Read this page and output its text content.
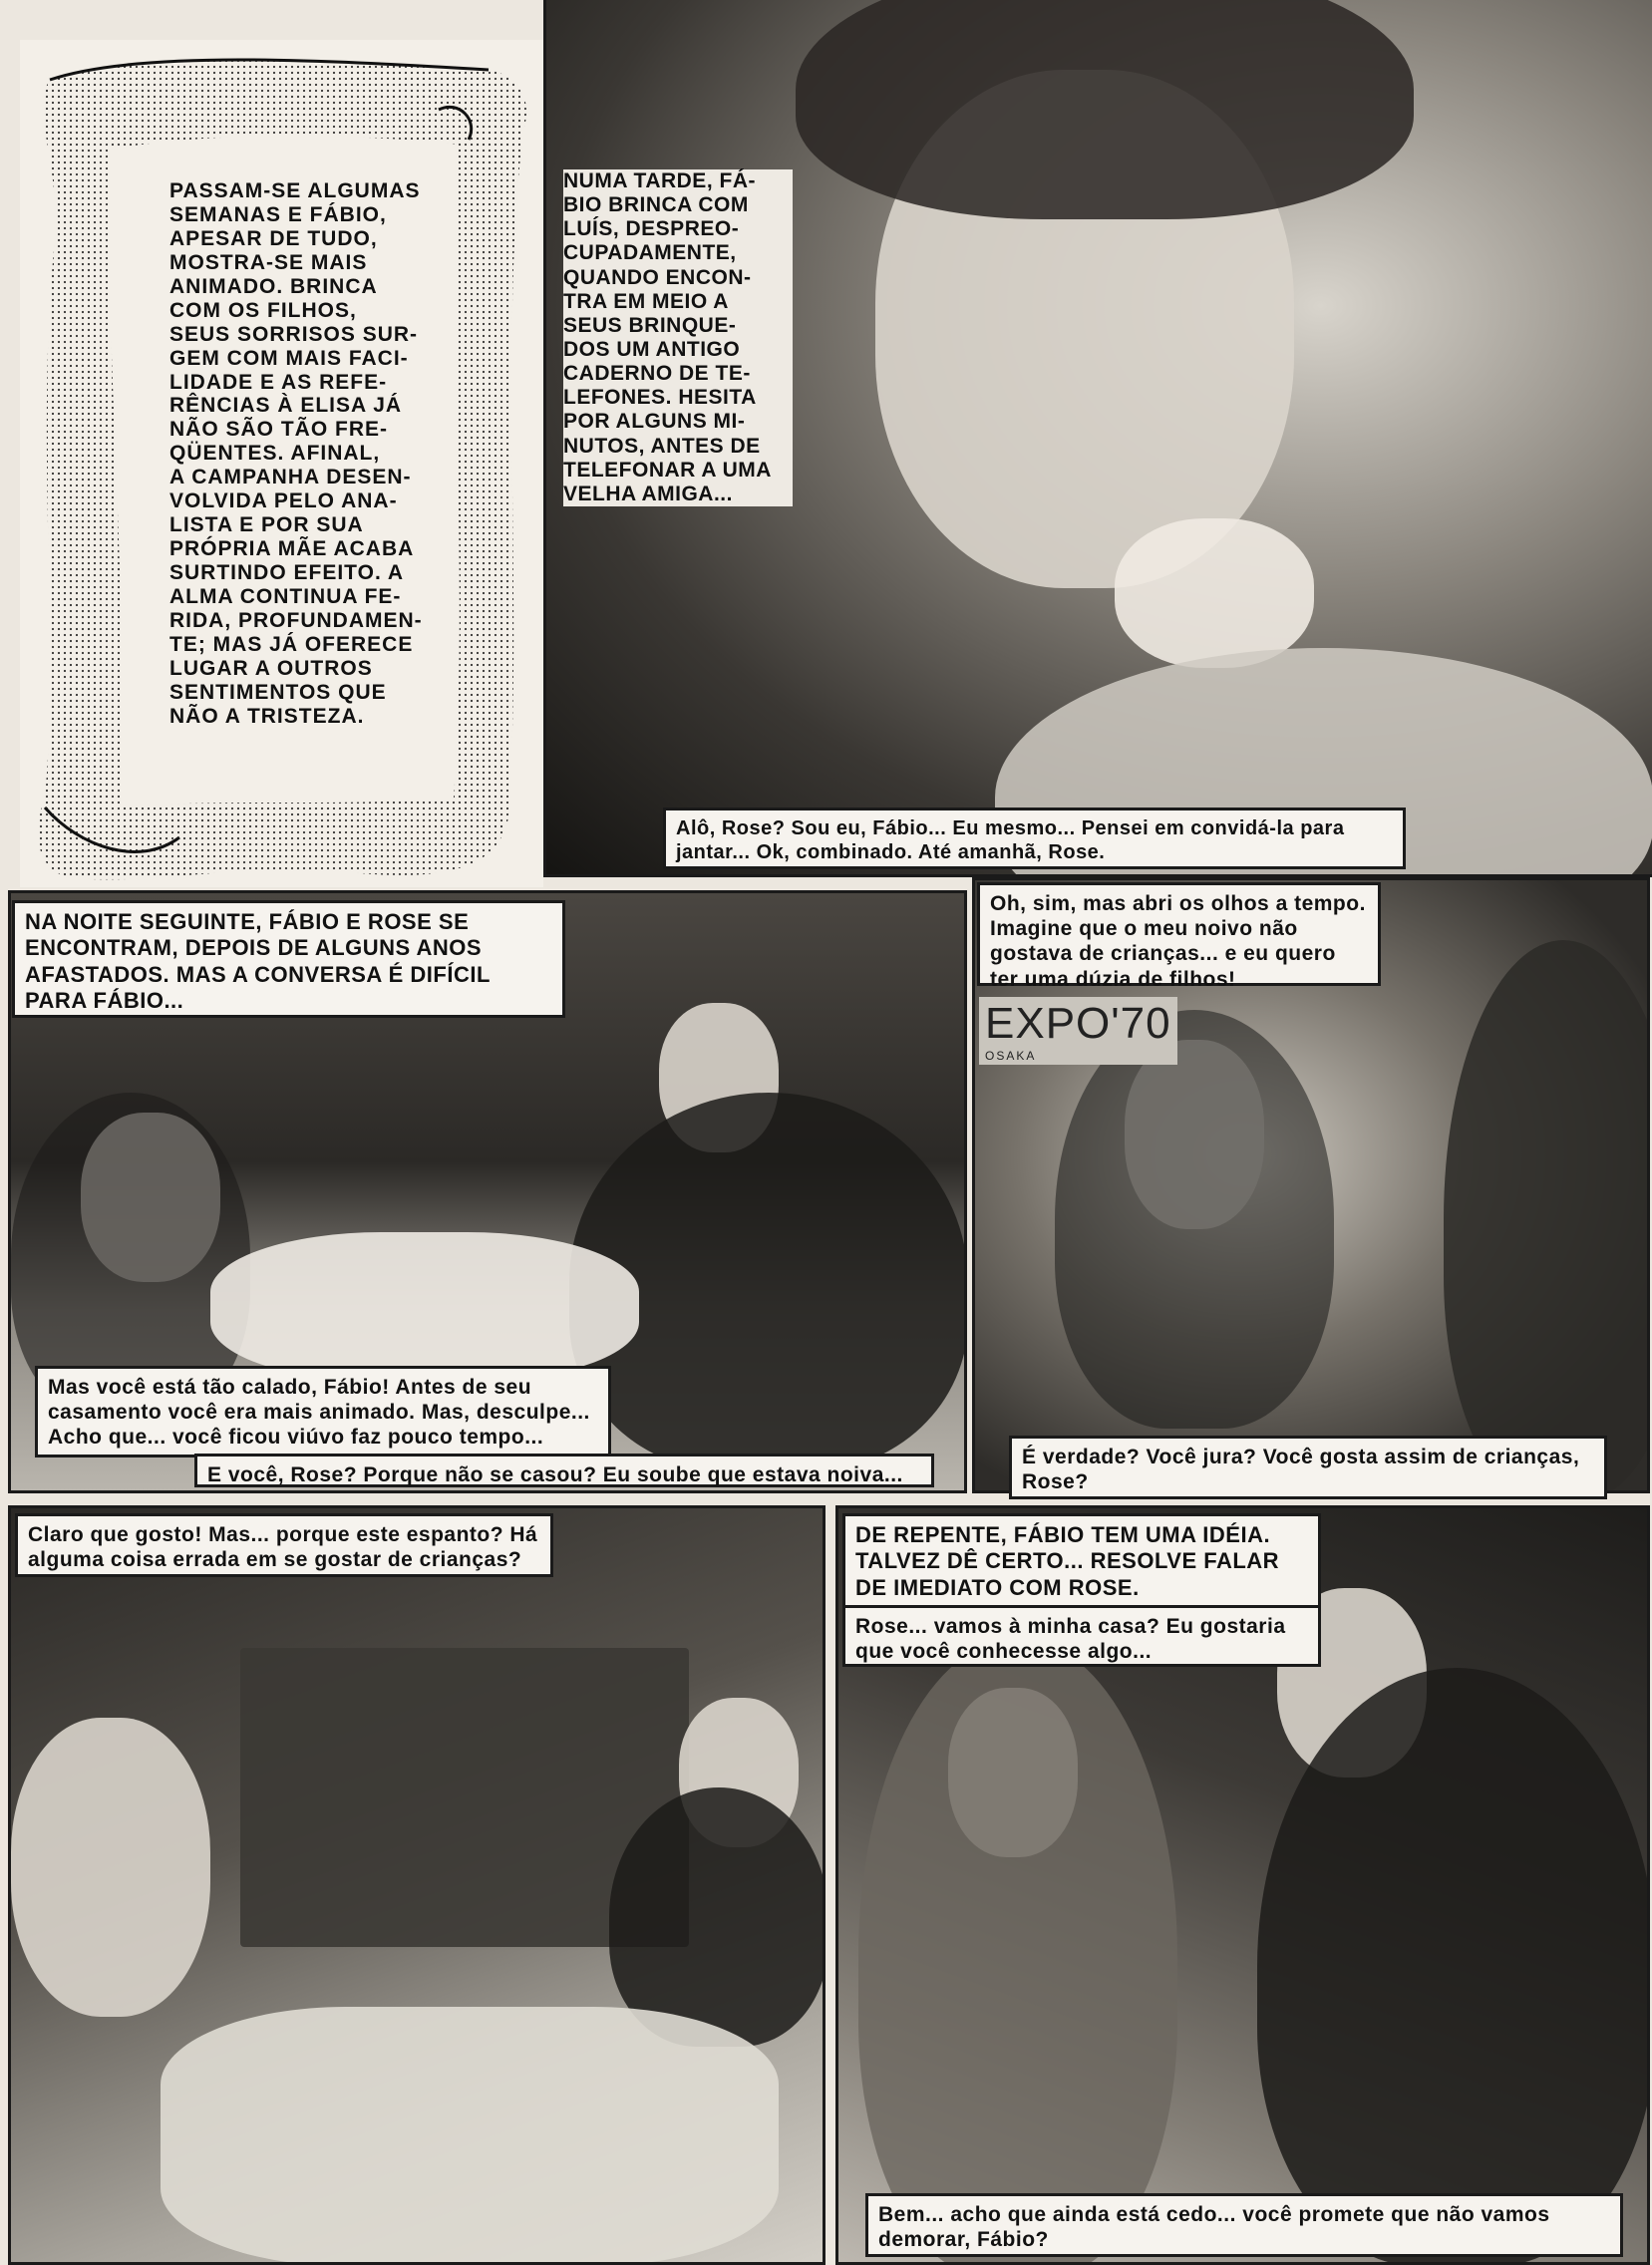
PASSAM-SE ALGUMAS
SEMANAS E FÁBIO,
APESAR DE TUDO,
MOSTRA-SE MAIS
ANIMADO. BRINCA
COM OS FILHOS,
SEUS SORRISOS SUR-
GEM COM MAIS FACI-
LIDADE E AS REFE-
RÊNCIAS À ELISA JÁ
NÃO SÃO TÃO FRE-
QÜENTES. AFINAL,
A CAMPANHA DESEN-
VOLVIDA PELO ANA-
LISTA E POR SUA
PRÓPRIA MÃE ACABA
SURTINDO EFEITO. A
ALMA CONTINUA FE-
RIDA, PROFUNDAMEN-
TE; MAS JÁ OFERECE
LUGAR A OUTROS
SENTIMENTOS QUE
NÃO A TRISTEZA.
NUMA TARDE, FÁ-
BIO BRINCA COM
LUÍS, DESPREO-
CUPADAMENTE,
QUANDO ENCON-
TRA EM MEIO A
SEUS BRINQUE-
DOS UM ANTIGO
CADERNO DE TE-
LEFONES. HESITA
POR ALGUNS MI-
NUTOS, ANTES DE
TELEFONAR A UMA
VELHA AMIGA...
Alô, Rose? Sou eu, Fábio... Eu mesmo... Pensei em convidá-la para jantar... Ok, combinado. Até amanhã, Rose.
NA NOITE SEGUINTE, FÁBIO E ROSE SE ENCONTRAM, DEPOIS DE ALGUNS ANOS AFASTADOS. MAS A CONVERSA É DIFÍCIL PARA FÁBIO...
Mas você está tão calado, Fábio! Antes de seu casamento você era mais animado. Mas, desculpe... Acho que... você ficou viúvo faz pouco tempo...
E você, Rose? Porque não se casou? Eu soube que estava noiva...
EXPO'70
OSAKA
Oh, sim, mas abri os olhos a tempo. Imagine que o meu noivo não gostava de crianças... e eu quero ter uma dúzia de filhos!
É verdade? Você jura? Você gosta assim de crianças, Rose?
Claro que gosto! Mas... porque este espanto? Há alguma coisa errada em se gostar de crianças?
DE REPENTE, FÁBIO TEM UMA IDÉIA. TALVEZ DÊ CERTO... RESOLVE FALAR DE IMEDIATO COM ROSE.
Rose... vamos à minha casa? Eu gostaria que você conhecesse algo...
Bem... acho que ainda está cedo... você promete que não vamos demorar, Fábio?
